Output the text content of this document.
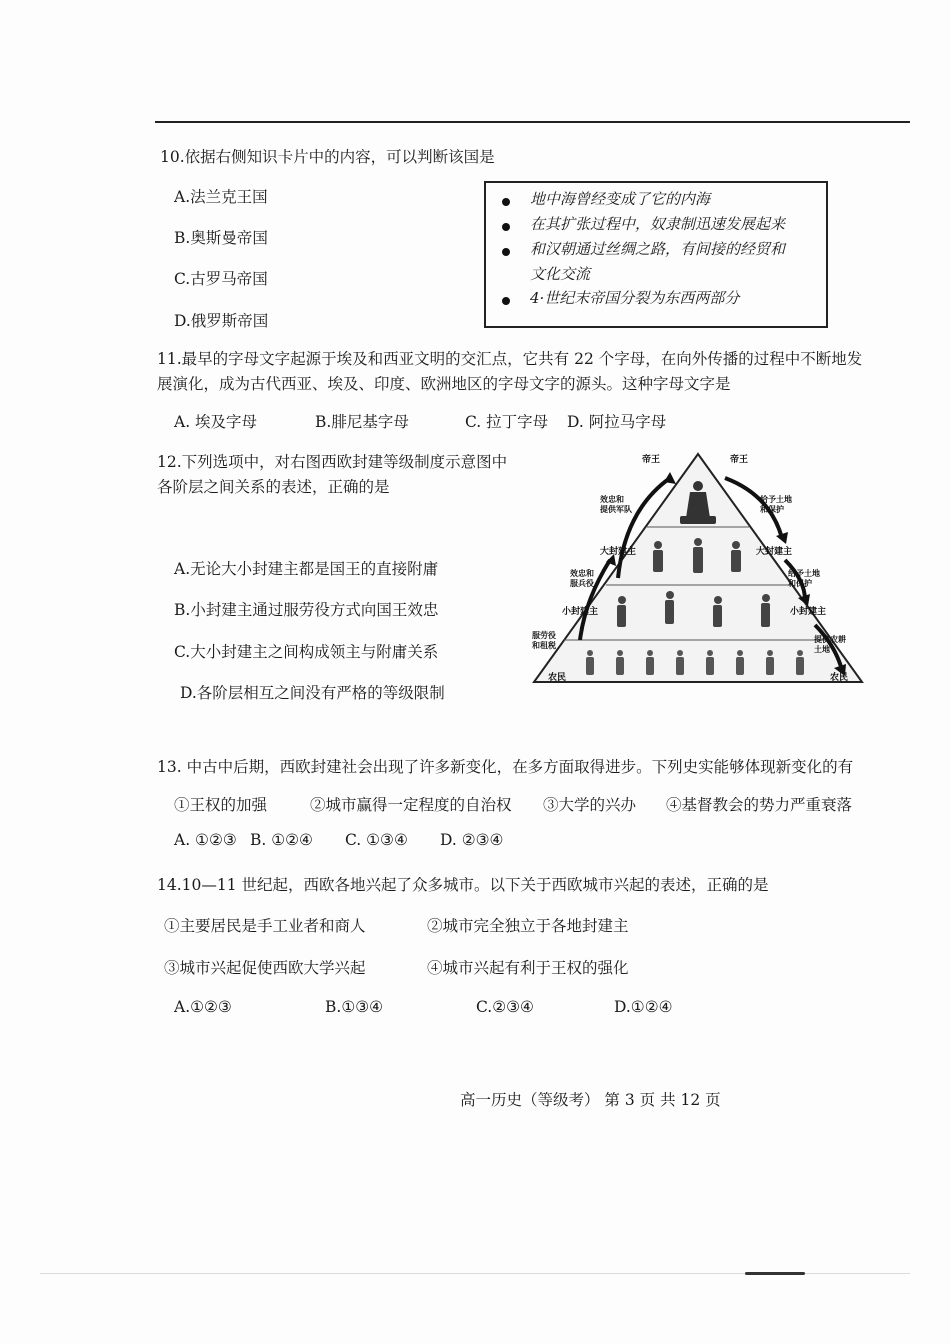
10.依据右侧知识卡片中的内容，可以判断该国是
A.法兰克王国
B.奥斯曼帝国
C.古罗马帝国
D.俄罗斯帝国
地中海曾经变成了它的内海
在其扩张过程中，奴隶制迅速发展起来
和汉朝通过丝绸之路，有间接的经贸和
文化交流
4·世纪末帝国分裂为东西两部分
11.最早的字母文字起源于埃及和西亚文明的交汇点，它共有 22 个字母，在向外传播的过程中不断地发
展演化，成为古代西亚、埃及、印度、欧洲地区的字母文字的源头。这种字母文字是
A. 埃及字母	B.腓尼基字母	C. 拉丁字母 D. 阿拉马字母
12.下列选项中，对右图西欧封建等级制度示意图中
各阶层之间关系的表述，正确的是
A.无论大小封建主都是国王的直接附庸
B.小封建主通过服劳役方式向国王效忠
C.大小封建主之间构成领主与附庸关系
D.各阶层相互之间没有严格的等级限制
帝王	帝王
大封建主	大封建主
小封建主	小封建主
农民	农民
效忠和提供军队
效忠和服兵役
服劳役和租税
给予土地和保护
给予土地和保护
提供农耕土地
13. 中古中后期，西欧封建社会出现了许多新变化，在多方面取得进步。下列史实能够体现新变化的有
①王权的加强	②城市赢得一定程度的自治权 ③大学的兴办 ④基督教会的势力严重衰落
A. ①②③ B. ①②④ C. ①③④ D. ②③④
14.10—11 世纪起，西欧各地兴起了众多城市。以下关于西欧城市兴起的表述，正确的是
①主要居民是手工业者和商人	②城市完全独立于各地封建主
③城市兴起促使西欧大学兴起	④城市兴起有利于王权的强化
A.①②③	B.①③④	C.②③④	D.①②④
高一历史（等级考） 第 3 页 共 12 页
